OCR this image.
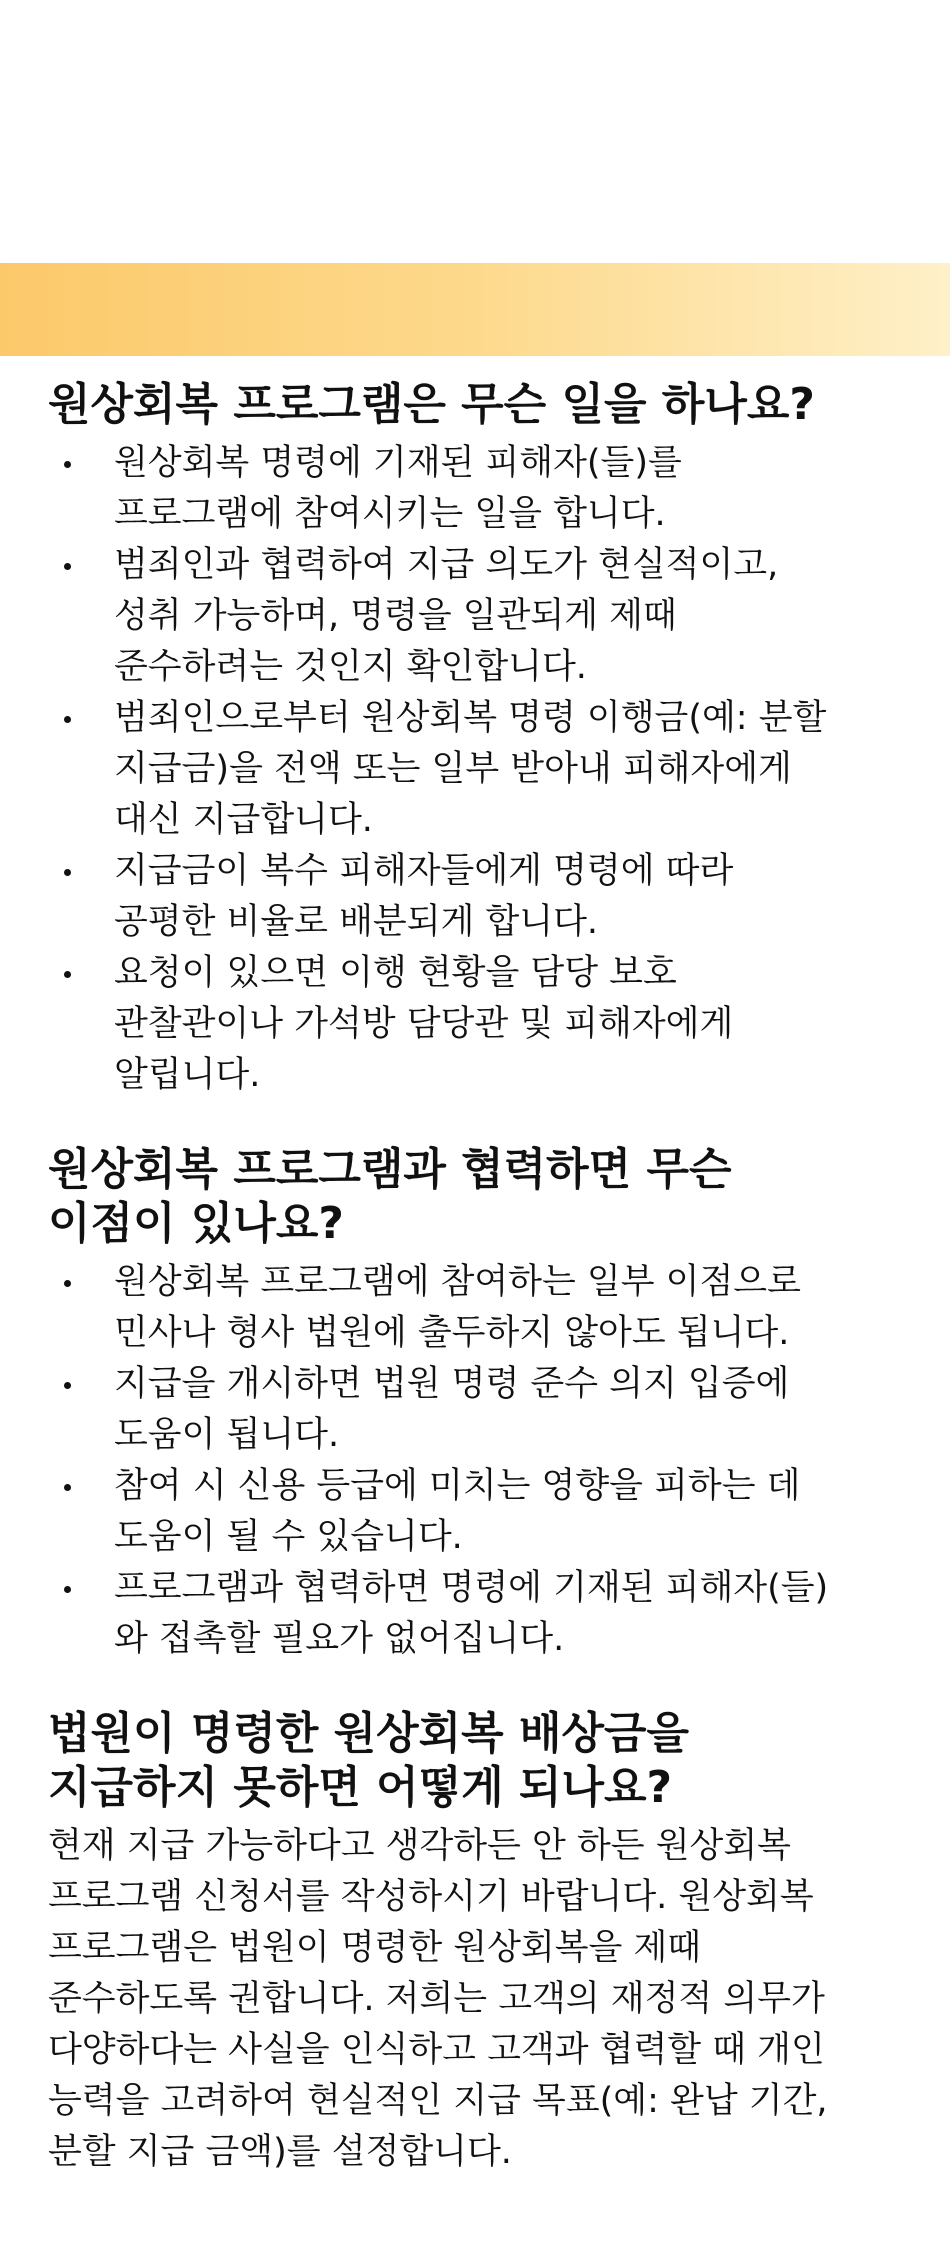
원상회복 프로그램은 무슨 일을 하나요?
원상회복 명령에 기재된 피해자(들)를
프로그램에 참여시키는 일을 합니다.
범죄인과 협력하여 지급 의도가 현실적이고,
성취 가능하며, 명령을 일관되게 제때
준수하려는 것인지 확인합니다.
범죄인으로부터 원상회복 명령 이행금(예: 분할
지급금)을 전액 또는 일부 받아내 피해자에게
대신 지급합니다.
지급금이 복수 피해자들에게 명령에 따라
공평한 비율로 배분되게 합니다.
요청이 있으면 이행 현황을 담당 보호
관찰관이나 가석방 담당관 및 피해자에게
알립니다.
원상회복 프로그램과 협력하면 무슨
이점이 있나요?
원상회복 프로그램에 참여하는 일부 이점으로
민사나 형사 법원에 출두하지 않아도 됩니다.
지급을 개시하면 법원 명령 준수 의지 입증에
도움이 됩니다.
참여 시 신용 등급에 미치는 영향을 피하는 데
도움이 될 수 있습니다.
프로그램과 협력하면 명령에 기재된 피해자(들)
와 접촉할 필요가 없어집니다.
법원이 명령한 원상회복 배상금을
지급하지 못하면 어떻게 되나요?

현재 지급 가능하다고 생각하든 안 하든 원상회복
프로그램 신청서를 작성하시기 바랍니다. 원상회복
프로그램은 법원이 명령한 원상회복을 제때
준수하도록 권합니다. 저희는 고객의 재정적 의무가
다양하다는 사실을 인식하고 고객과 협력할 때 개인
능력을 고려하여 현실적인 지급 목표(예: 완납 기간,
분할 지급 금액)를 설정합니다.
